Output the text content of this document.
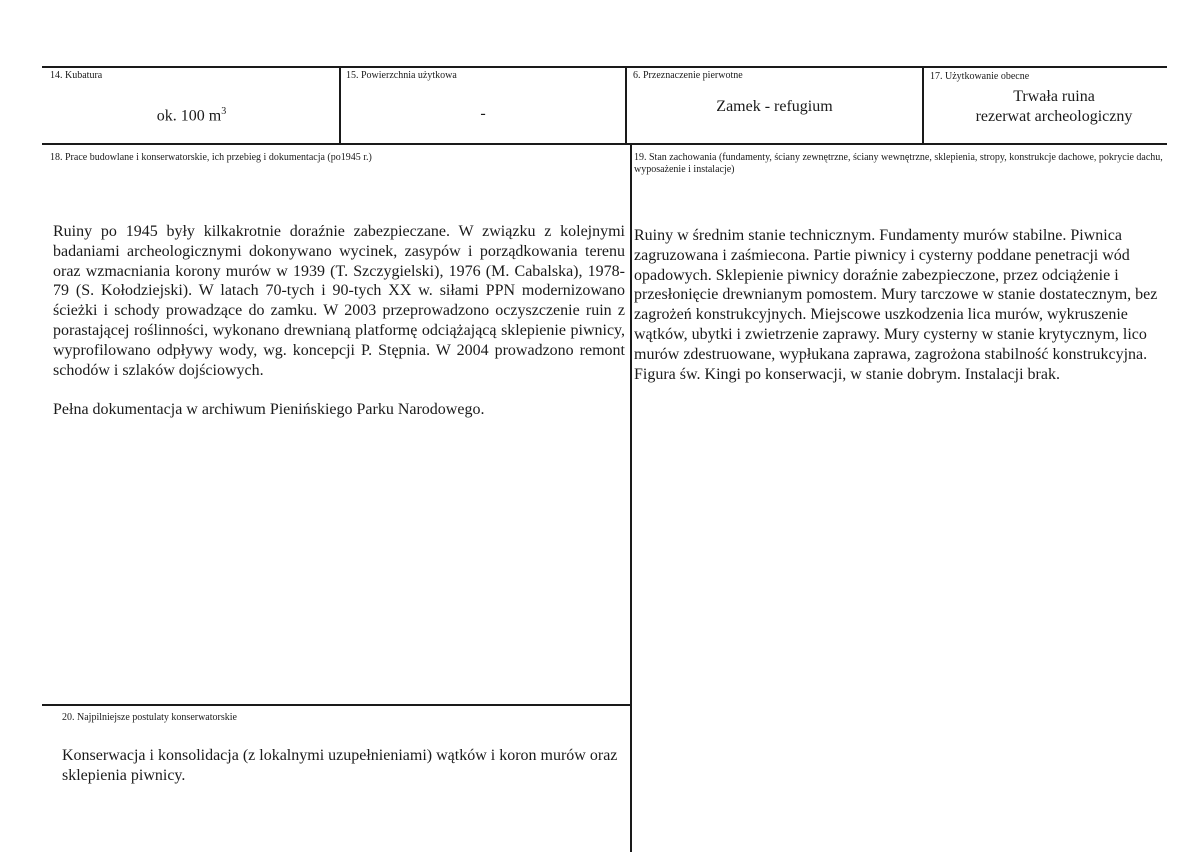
14. Kubatura
ok. 100 $m^3$
15. Powierzchnia użytkowa
-
6. Przeznaczenie pierwotne
Zamek - refugium
17. Użytkowanie obecne
Trwała ruina
rezerwat archeologiczny
18. Prace budowlane i konserwatorskie, ich przebieg i dokumentacja (po1945 r.)

Ruiny po 1945 były kilkakrotnie doraźnie zabezpieczane. W związku z kolejnymi badaniami archeologicznymi dokonywano wycinek, zasypów i porządkowania terenu oraz wzmacniania korony murów w 1939 (T. Szczygielski), 1976 (M. Cabalska), 1978-79 (S. Kołodziejski). W latach 70-tych i 90-tych XX w. siłami PPN modernizowano ścieżki i schody prowadzące do zamku. W 2003 przeprowadzono oczyszczenie ruin z porastającej roślinności, wykonano drewnianą platformę odciążającą sklepienie piwnicy, wyprofilowano odpływy wody, wg. koncepcji P. Stępnia. W 2004 prowadzono remont schodów i szlaków dojściowych.

Pełna dokumentacja w archiwum Pienińskiego Parku Narodowego.

19. Stan zachowania (fundamenty, ściany zewnętrzne, ściany wewnętrzne, sklepienia, stropy, konstrukcje dachowe, pokrycie dachu, wyposażenie i instalacje)
Ruiny w średnim stanie technicznym. Fundamenty murów stabilne. Piwnica zagruzowana i zaśmiecona. Partie piwnicy i cysterny poddane penetracji wód opadowych. Sklepienie piwnicy doraźnie zabezpieczone, przez odciążenie i przesłonięcie drewnianym pomostem. Mury tarczowe w stanie dostatecznym, bez zagrożeń konstrukcyjnych. Miejscowe uszkodzenia lica murów, wykruszenie wątków, ubytki i zwietrzenie zaprawy. Mury cysterny w stanie krytycznym, lico murów zdestruowane, wypłukana zaprawa, zagrożona stabilność konstrukcyjna. Figura św. Kingi po konserwacji, w stanie dobrym. Instalacji brak.
20. Najpilniejsze postulaty konserwatorskie
Konserwacja i konsolidacja (z lokalnymi uzupełnieniami) wątków i koron murów oraz sklepienia piwnicy.
